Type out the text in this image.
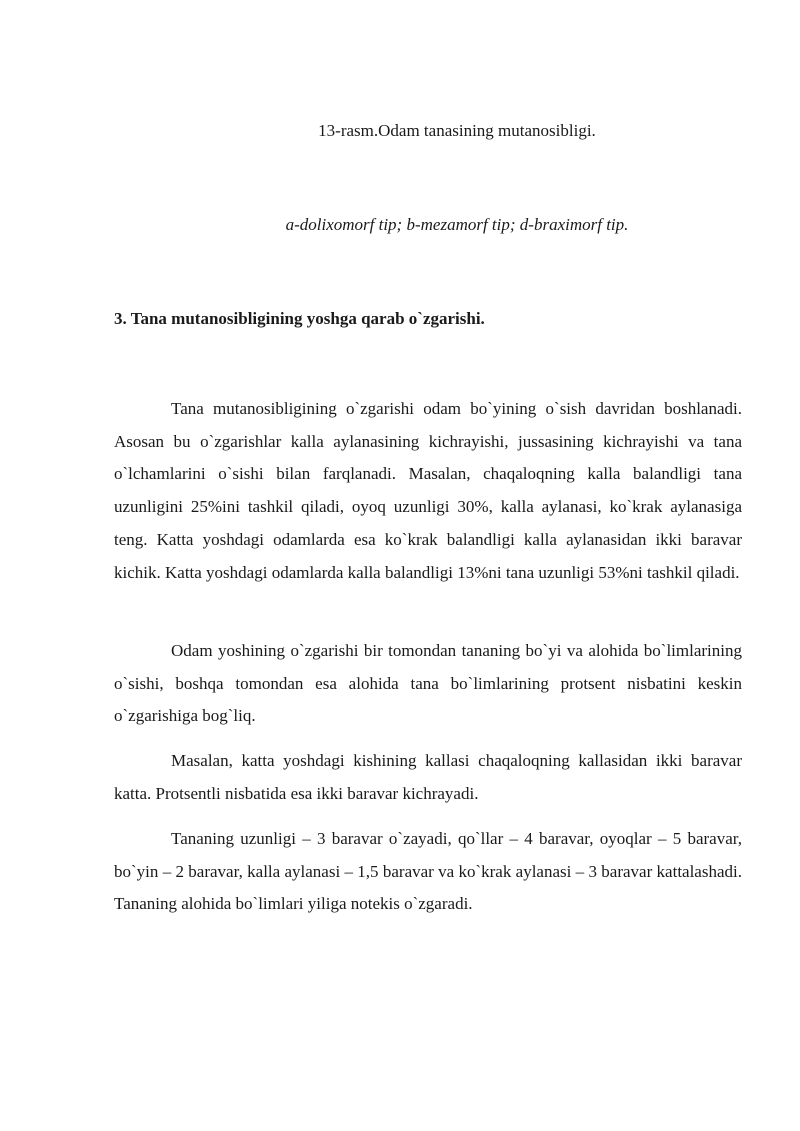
13-rasm.Odam tanasining mutanosibligi.
a-dolixomorf tip; b-mezamorf tip; d-braximorf tip.
3. Tana mutanosibligining yoshga qarab o`zgarishi.

Tana mutanosibligining o`zgarishi odam bo`yining o`sish davridan boshlanadi. Asosan bu o`zgarishlar kalla aylanasining kichrayishi, jussasining kichrayishi va tana o`lchamlarini o`sishi bilan farqlanadi. Masalan, chaqaloqning kalla balandligi tana uzunligini 25%ini tashkil qiladi, oyoq uzunligi 30%, kalla aylanasi, ko`krak aylanasiga teng. Katta yoshdagi odamlarda esa ko`krak balandligi kalla aylanasidan ikki baravar kichik. Katta yoshdagi odamlarda kalla balandligi 13%ni tana uzunligi 53%ni tashkil qiladi.

Odam yoshining o`zgarishi bir tomondan tananing bo`yi va alohida bo`limlarining o`sishi, boshqa tomondan esa alohida tana bo`limlarining protsent nisbatini keskin o`zgarishiga bog`liq.

Masalan, katta yoshdagi kishining kallasi chaqaloqning kallasidan ikki baravar katta. Protsentli nisbatida esa ikki baravar kichrayadi.

Tananing uzunligi – 3 baravar o`zayadi, qo`llar – 4 baravar, oyoqlar – 5 baravar, bo`yin – 2 baravar, kalla aylanasi – 1,5 baravar va ko`krak aylanasi – 3 baravar kattalashadi. Tananing alohida bo`limlari yiliga notekis o`zgaradi.
